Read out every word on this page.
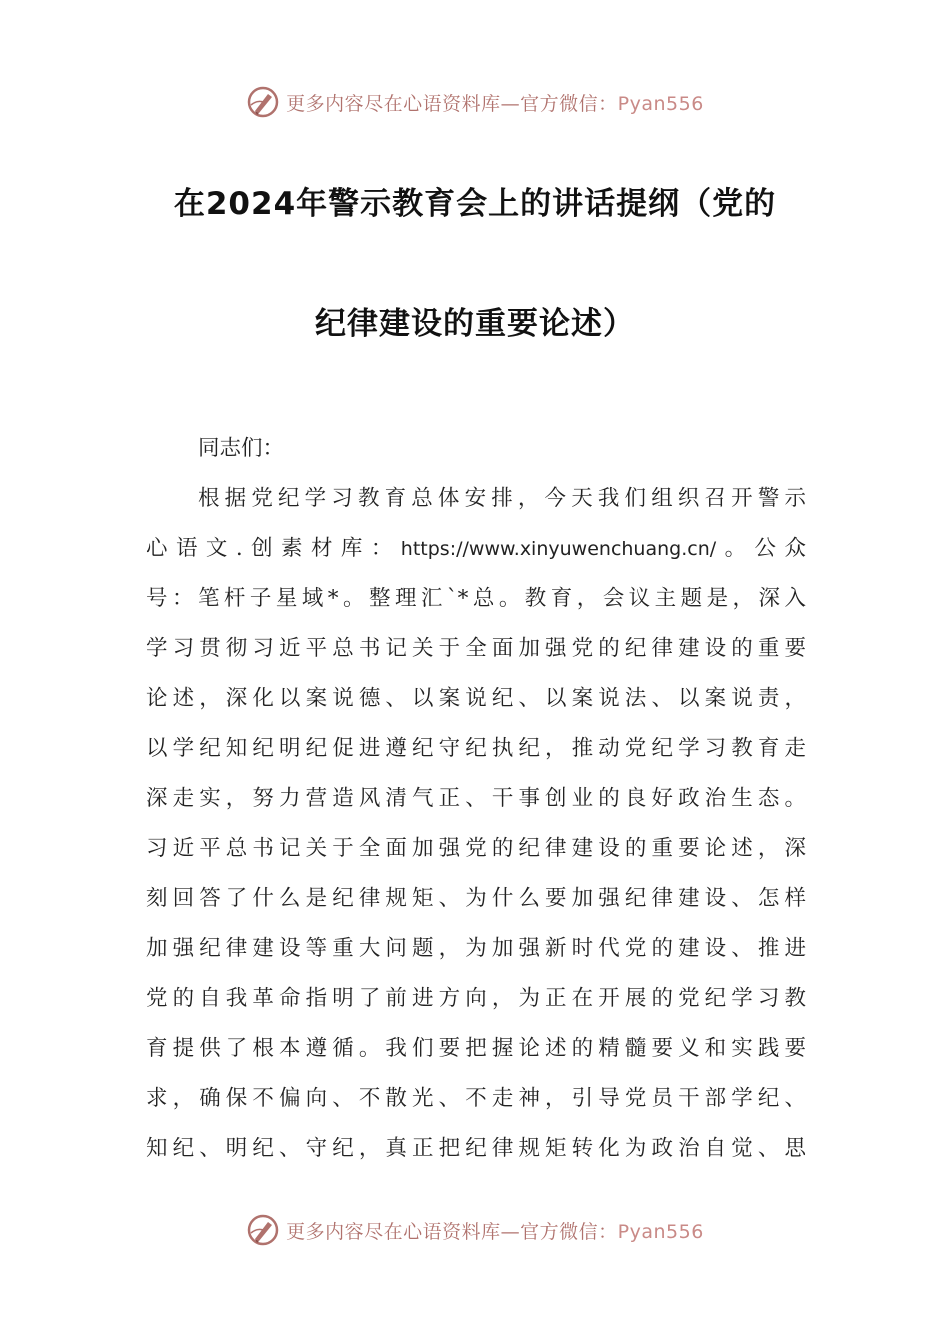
更多内容尽在心语资料库—官方微信：Pyan556
在2024年警示教育会上的讲话提纲（党的
纪律建设的重要论述）
同志们：
根据党纪学习教育总体安排，今天我们组织召开警示
心语文.创素材库：https://www.xinyuwenchuang.cn/。公众
号：笔杆子星域*。整理汇`*总。教育，会议主题是，深入
学习贯彻习近平总书记关于全面加强党的纪律建设的重要
论述，深化以案说德、以案说纪、以案说法、以案说责，
以学纪知纪明纪促进遵纪守纪执纪，推动党纪学习教育走
深走实，努力营造风清气正、干事创业的良好政治生态。
习近平总书记关于全面加强党的纪律建设的重要论述，深
刻回答了什么是纪律规矩、为什么要加强纪律建设、怎样
加强纪律建设等重大问题，为加强新时代党的建设、推进
党的自我革命指明了前进方向，为正在开展的党纪学习教
育提供了根本遵循。我们要把握论述的精髓要义和实践要
求，确保不偏向、不散光、不走神，引导党员干部学纪、
知纪、明纪、守纪，真正把纪律规矩转化为政治自觉、思
更多内容尽在心语资料库—官方微信：Pyan556
